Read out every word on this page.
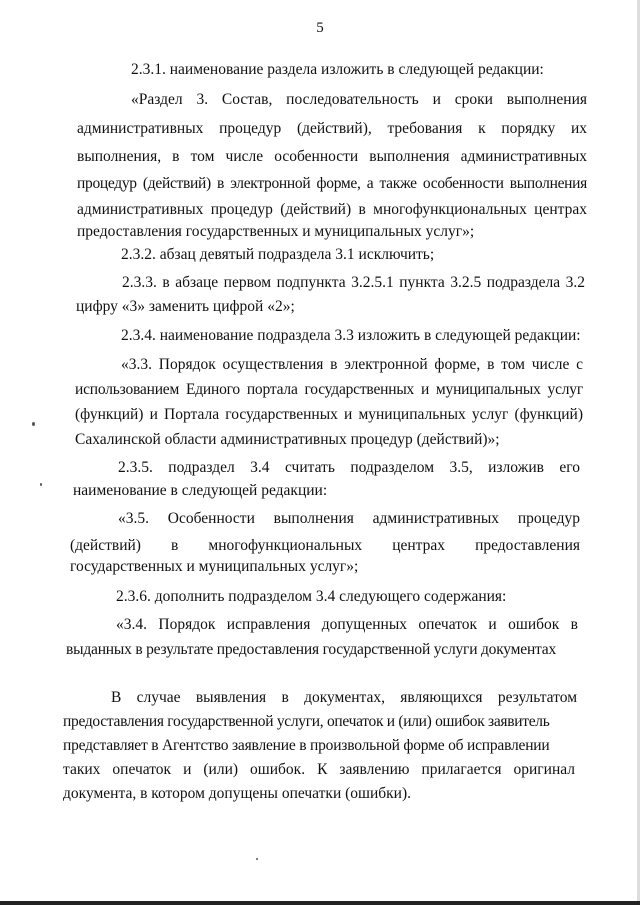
5
2.3.1. наименование раздела изложить в следующей редакции:
«Раздел 3. Состав, последовательность и сроки выполнения
административных процедур (действий), требования к порядку их
выполнения, в том числе особенности выполнения административных
процедур (действий) в электронной форме, а также особенности выполнения
административных процедур (действий) в многофункциональных центрах
предоставления государственных и муниципальных услуг»;
2.3.2. абзац девятый подраздела 3.1 исключить;
2.3.3. в абзаце первом подпункта 3.2.5.1 пункта 3.2.5 подраздела 3.2
цифру «3» заменить цифрой «2»;
2.3.4. наименование подраздела 3.3 изложить в следующей редакции:
«3.3. Порядок осуществления в электронной форме, в том числе с
использованием Единого портала государственных и муниципальных услуг
(функций) и Портала государственных и муниципальных услуг (функций)
Сахалинской области административных процедур (действий)»;
2.3.5. подраздел 3.4 считать подразделом 3.5, изложив его
наименование в следующей редакции:
«3.5. Особенности выполнения административных процедур
(действий) в многофункциональных центрах предоставления
государственных и муниципальных услуг»;
2.3.6. дополнить подразделом 3.4 следующего содержания:
«3.4. Порядок исправления допущенных опечаток и ошибок в
выданных в результате предоставления государственной услуги документах
В случае выявления в документах, являющихся результатом
предоставления государственной услуги, опечаток и (или) ошибок заявитель
представляет в Агентство заявление в произвольной форме об исправлении
таких опечаток и (или) ошибок. К заявлению прилагается оригинал
документа, в котором допущены опечатки (ошибки).
